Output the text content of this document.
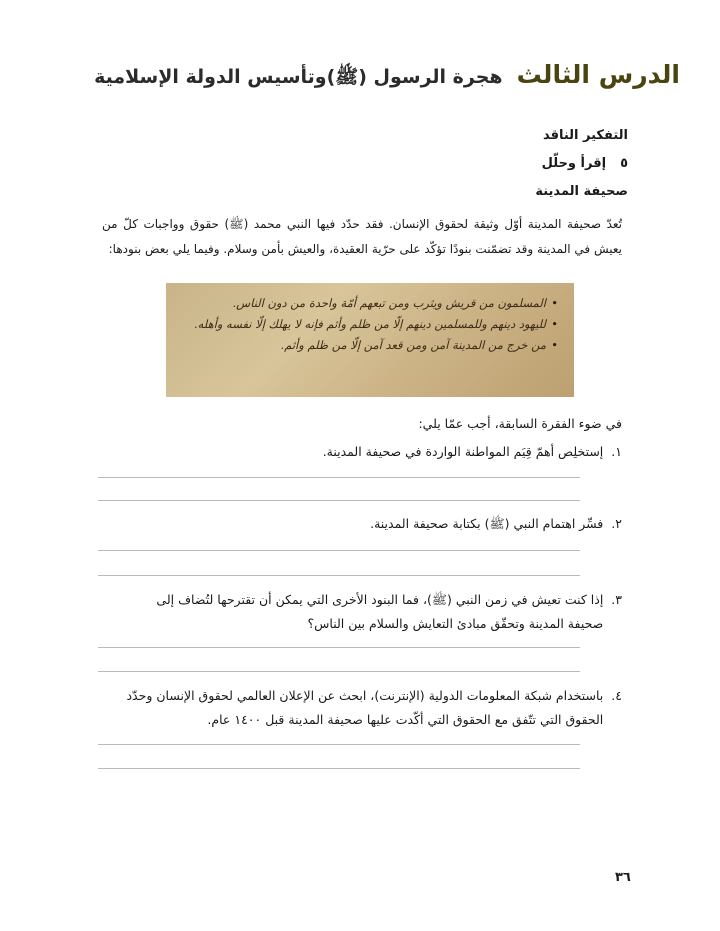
الدرس الثالث
هجرة الرسول (ﷺ)وتأسيس الدولة الإسلامية
التفكير الناقد
٥
إقرأ وحلّل
صحيفة المدينة
تُعدّ صحيفة المدينة أوّل وثيقة لحقوق الإنسان. فقد حدّد فيها النبي محمد (ﷺ) حقوق وواجبات كلّ من يعيش في المدينة وقد تضمّنت بنودًا تؤكّد على حرّية العقيدة، والعيش بأمن وسلام. وفيما يلي بعض بنودها:
• المسلمون من قريش ويثرب ومن تبعهم أمّة واحدة من دون الناس.
• لليهود دينهم وللمسلمين دينهم إلّا من ظلم وأثم فإنه لا يهلك إلّا نفسه وأهله.
• من خرج من المدينة آمن ومن قعد آمن إلّا من ظلم وأثم.
في ضوء الفقرة السابقة، أجب عمّا يلي:
١.
إستخلِص أهمّ قِيَم المواطنة الواردة في صحيفة المدينة.
٢.
فسِّر اهتمام النبي (ﷺ) بكتابة صحيفة المدينة.
٣.
إذا كنت تعيش في زمن النبي (ﷺ)، فما البنود الأخرى التي يمكن أن تقترحها لتُضاف إلى صحيفة المدينة وتحقّق مبادئ التعايش والسلام بين الناس؟
٤.
باستخدام شبكة المعلومات الدولية (الإنترنت)، ابحث عن الإعلان العالمي لحقوق الإنسان وحدّد الحقوق التي تتّفق مع الحقوق التي أكّدت عليها صحيفة المدينة قبل ١٤٠٠ عام.
٣٦
